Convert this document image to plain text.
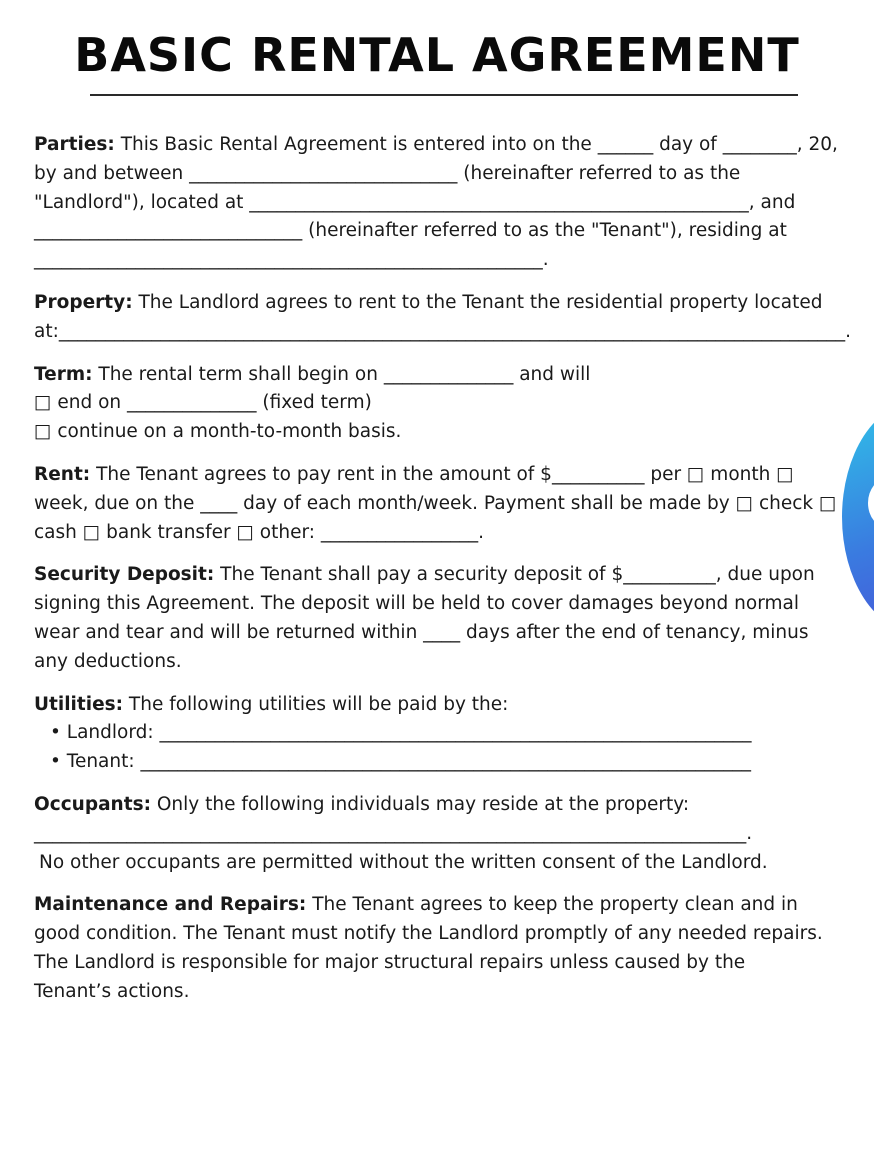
BASIC RENTAL AGREEMENT
Parties: This Basic Rental Agreement is entered into on the ______ day of ________, 20,
by and between _____________________________ (hereinafter referred to as the
"Landlord"), located at ______________________________________________________, and
_____________________________ (hereinafter referred to as the "Tenant"), residing at
_______________________________________________________.
Property: The Landlord agrees to rent to the Tenant the residential property located
at:_____________________________________________________________________________________.
Term: The rental term shall begin on ______________ and will
□ end on ______________ (fixed term)
□ continue on a month-to-month basis.
Rent: The Tenant agrees to pay rent in the amount of $__________ per □ month □
week, due on the ____ day of each month/week. Payment shall be made by □ check □
cash □ bank transfer □ other: _________________.
Security Deposit: The Tenant shall pay a security deposit of $__________, due upon
signing this Agreement. The deposit will be held to cover damages beyond normal
wear and tear and will be returned within ____ days after the end of tenancy, minus
any deductions.
Utilities: The following utilities will be paid by the:
• Landlord: ________________________________________________________________
• Tenant: __________________________________________________________________
Occupants: Only the following individuals may reside at the property:
_____________________________________________________________________________.
No other occupants are permitted without the written consent of the Landlord.
Maintenance and Repairs: The Tenant agrees to keep the property clean and in
good condition. The Tenant must notify the Landlord promptly of any needed repairs.
The Landlord is responsible for major structural repairs unless caused by the
Tenant’s actions.
